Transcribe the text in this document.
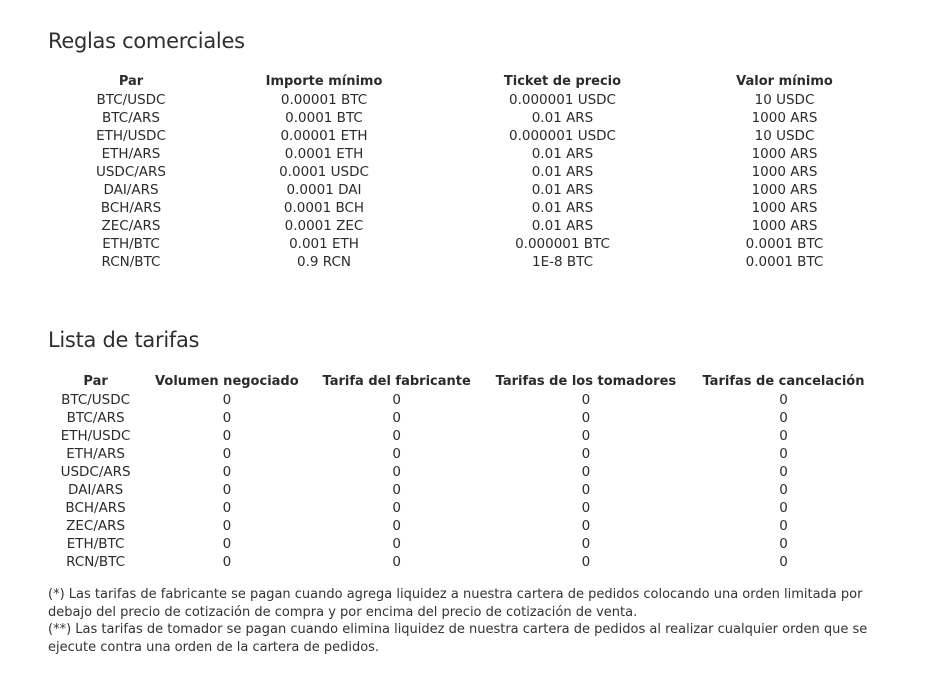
Reglas comerciales
Par	Importe mínimo	Ticket de precio	Valor mínimo
BTC/USDC	0.00001 BTC	0.000001 USDC	10 USDC
BTC/ARS	0.0001 BTC	0.01 ARS	1000 ARS
ETH/USDC	0.00001 ETH	0.000001 USDC	10 USDC
ETH/ARS	0.0001 ETH	0.01 ARS	1000 ARS
USDC/ARS	0.0001 USDC	0.01 ARS	1000 ARS
DAI/ARS	0.0001 DAI	0.01 ARS	1000 ARS
BCH/ARS	0.0001 BCH	0.01 ARS	1000 ARS
ZEC/ARS	0.0001 ZEC	0.01 ARS	1000 ARS
ETH/BTC	0.001 ETH	0.000001 BTC	0.0001 BTC
RCN/BTC	0.9 RCN	1E-8 BTC	0.0001 BTC
Lista de tarifas
Par	Volumen negociado	Tarifa del fabricante	Tarifas de los tomadores	Tarifas de cancelación
BTC/USDC	0	0	0	0
BTC/ARS	0	0	0	0
ETH/USDC	0	0	0	0
ETH/ARS	0	0	0	0
USDC/ARS	0	0	0	0
DAI/ARS	0	0	0	0
BCH/ARS	0	0	0	0
ZEC/ARS	0	0	0	0
ETH/BTC	0	0	0	0
RCN/BTC	0	0	0	0

(*) Las tarifas de fabricante se pagan cuando agrega liquidez a nuestra cartera de pedidos colocando una orden limitada por debajo del precio de cotización de compra y por encima del precio de cotización de venta.

(**) Las tarifas de tomador se pagan cuando elimina liquidez de nuestra cartera de pedidos al realizar cualquier orden que se ejecute contra una orden de la cartera de pedidos.
